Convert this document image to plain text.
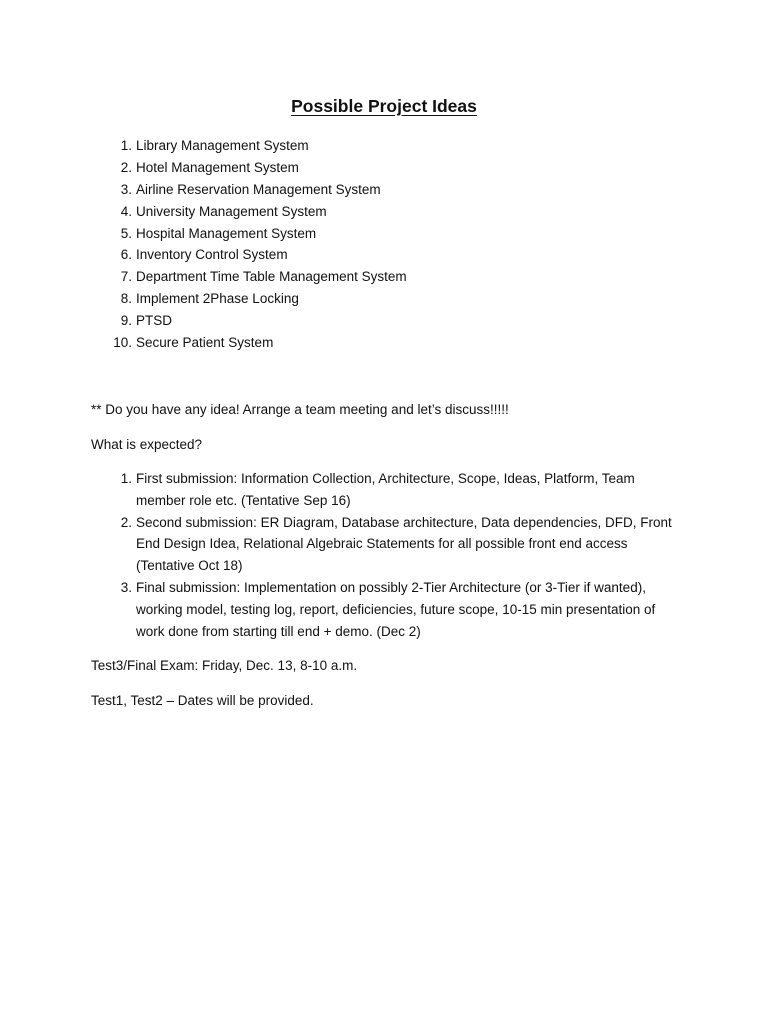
Possible Project Ideas
1. Library Management System
2. Hotel Management System
3. Airline Reservation Management System
4. University Management System
5. Hospital Management System
6. Inventory Control System
7. Department Time Table Management System
8. Implement 2Phase Locking
9. PTSD
10. Secure Patient System
** Do you have any idea! Arrange a team meeting and let’s discuss!!!!!
What is expected?
1. First submission: Information Collection, Architecture, Scope, Ideas, Platform, Team
member role etc. (Tentative Sep 16)
2. Second submission: ER Diagram, Database architecture, Data dependencies, DFD, Front
End Design Idea, Relational Algebraic Statements for all possible front end access
(Tentative Oct 18)
3. Final submission: Implementation on possibly 2-Tier Architecture (or 3-Tier if wanted),
working model, testing log, report, deficiencies, future scope, 10-15 min presentation of
work done from starting till end + demo. (Dec 2)
Test3/Final Exam: Friday, Dec. 13, 8-10 a.m.
Test1, Test2 – Dates will be provided.
